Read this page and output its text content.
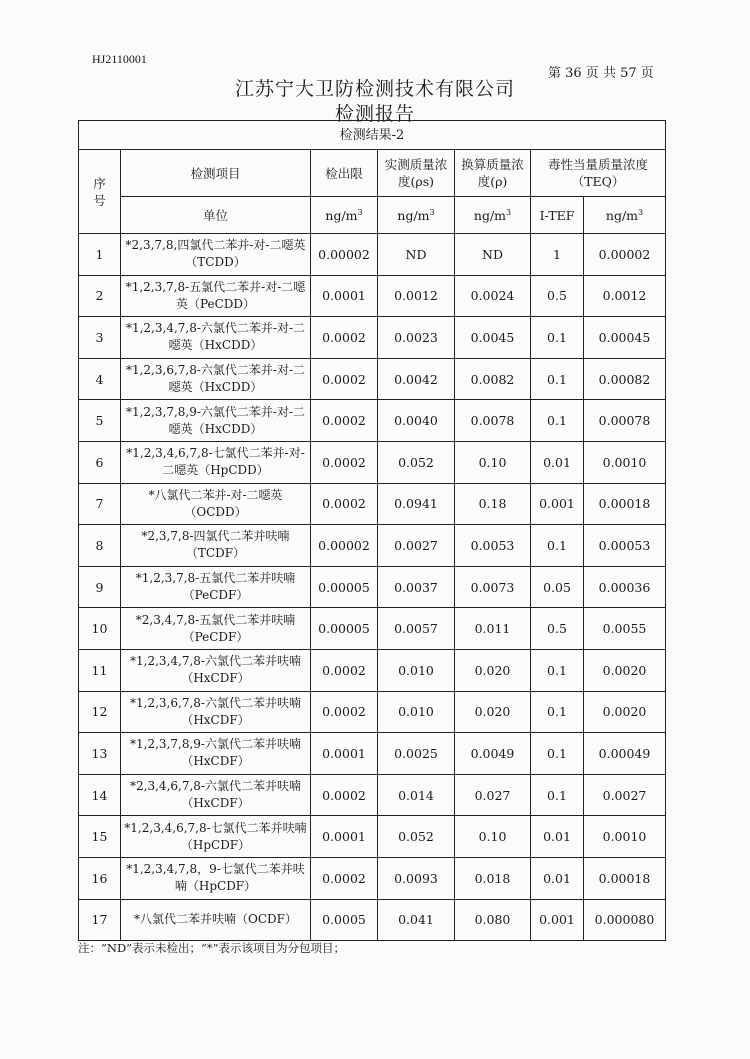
HJ2110001
第 36 页 共 57 页
江苏宁大卫防检测技术有限公司
检测报告
检测结果-2						
序号	检测项目	检出限	实测质量浓度(ρs)	换算质量浓度(ρ)	毒性当量质量浓度（TEQ）	
	单位	$ng/m^3$	$ng/m^3$	$ng/m^3$	I-TEF	$ng/m^3$
1	*2,3,7,8,四氯代二苯并-对-二噁英（TCDD）	0.00002	ND	ND	1	0.00002
2	*1,2,3,7,8-五氯代二苯并-对-二噁英（PeCDD）	0.0001	0.0012	0.0024	0.5	0.0012
3	*1,2,3,4,7,8-六氯代二苯并-对-二噁英（HxCDD）	0.0002	0.0023	0.0045	0.1	0.00045
4	*1,2,3,6,7,8-六氯代二苯并-对-二噁英（HxCDD）	0.0002	0.0042	0.0082	0.1	0.00082
5	*1,2,3,7,8,9-六氯代二苯并-对-二噁英（HxCDD）	0.0002	0.0040	0.0078	0.1	0.00078
6	*1,2,3,4,6,7,8-七氯代二苯并-对-二噁英（HpCDD）	0.0002	0.052	0.10	0.01	0.0010
7	*八氯代二苯并-对-二噁英（OCDD）	0.0002	0.0941	0.18	0.001	0.00018
8	*2,3,7,8-四氯代二苯并呋喃（TCDF）	0.00002	0.0027	0.0053	0.1	0.00053
9	*1,2,3,7,8-五氯代二苯并呋喃（PeCDF）	0.00005	0.0037	0.0073	0.05	0.00036
10	*2,3,4,7,8-五氯代二苯并呋喃（PeCDF）	0.00005	0.0057	0.011	0.5	0.0055
11	*1,2,3,4,7,8-六氯代二苯并呋喃（HxCDF）	0.0002	0.010	0.020	0.1	0.0020
12	*1,2,3,6,7,8-六氯代二苯并呋喃（HxCDF）	0.0002	0.010	0.020	0.1	0.0020
13	*1,2,3,7,8,9-六氯代二苯并呋喃（HxCDF）	0.0001	0.0025	0.0049	0.1	0.00049
14	*2,3,4,6,7,8-六氯代二苯并呋喃（HxCDF）	0.0002	0.014	0.027	0.1	0.0027
15	*1,2,3,4,6,7,8-七氯代二苯并呋喃（HpCDF）	0.0001	0.052	0.10	0.01	0.0010
16	*1,2,3,4,7,8，9-七氯代二苯并呋喃（HpCDF）	0.0002	0.0093	0.018	0.01	0.00018
17	*八氯代二苯并呋喃（OCDF）	0.0005	0.041	0.080	0.001	0.000080
注：“ND”表示未检出；“*”表示该项目为分包项目；
